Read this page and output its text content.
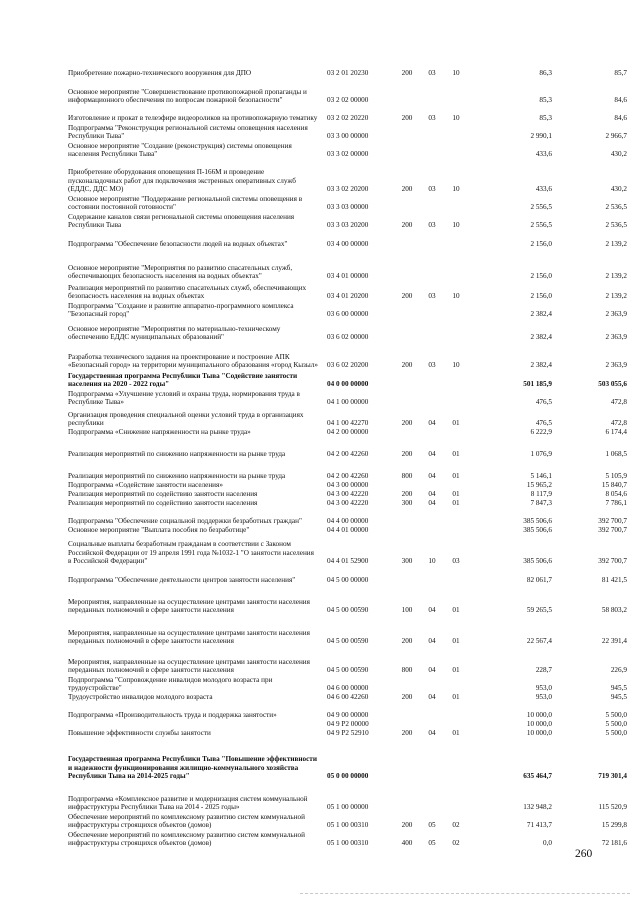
Приобретение пожарно-технического вооружения для ДПО	03 2 01 20230	200	03	10	86,3	85,7
Основное мероприятие "Совершенствование противопожарной пропаганды и информационного обеспечения по вопросам пожарной безопасности"	03 2 02 00000	85,3	84,6
Изготовление и прокат в телеэфире видеороликов на противопожарную тематику 03 2 02 20220	200	03	10	85,3	84,6
Подпрограмма "Реконструкция региональной системы оповещения населения Республики Тыва"	03 3 00 00000	2 990,1	2 966,7
Основное мероприятие "Создание (реконструкция) системы оповещения населения Республики Тыва"	03 3 02 00000	433,6	430,2
Приобретение оборудования оповещения П-166М и проведение пусконаладочных работ для подключения экстренных оперативных служб (ЕДДС, ДДС МО)	03 3 02 20200	200	03	10	433,6	430,2
Основное мероприятие "Поддержание региональной системы оповещения в состоянии постоянной готовности"	03 3 03 00000	2 556,5	2 536,5
Содержание каналов связи региональной системы оповещения населения Республики Тыва	03 3 03 20200	200	03	10	2 556,5	2 536,5
Подпрограмма "Обеспечение безопасности людей на водных объектах"	03 4 00 00000	2 156,0	2 139,2
Основное мероприятие "Мероприятия по развитию спасательных служб, обеспечивающих безопасность населения на водных объектах"	03 4 01 00000	2 156,0	2 139,2
Реализация мероприятий по развитию спасательных служб, обеспечивающих безопасность населения на водных объектах	03 4 01 20200	200	03	10	2 156,0	2 139,2
Подпрограмма "Создание и развитие аппаратно-программного комплекса "Безопасный город"	03 6 00 00000	2 382,4	2 363,9
Основное мероприятие "Мероприятия по материально-техническому обеспечению ЕДДС муниципальных образований"	03 6 02 00000	2 382,4	2 363,9
Разработка технического задания на проектирование и построение АПК «Безопасный город» на территории муниципального образования «город Кызыл» 03 6 02 20200	200	03	10	2 382,4	2 363,9
Государственная программа Республики Тыва "Содействие занятости населения на 2020 - 2022 годы"	04 0 00 00000	501 185,9	503 055,6
Подпрограмма «Улучшение условий и охраны труда, нормирования труда в Республике Тыва»	04 1 00 00000	476,5	472,8
Организация проведения специальной оценки условий труда в организациях республики	04 1 00 42270	200	04	01	476,5	472,8
Подпрограмма «Снижение напряженности на рынке труда»	04 2 00 00000	6 222,9	6 174,4
Реализация мероприятий по снижению напряженности на рынке труда	04 2 00 42260	200	04	01	1 076,9	1 068,5
Реализация мероприятий по снижению напряженности на рынке труда	04 2 00 42260	800	04	01	5 146,1	5 105,9
Подпрограмма «Содействие занятости населения»	04 3 00 00000	15 965,2	15 840,7
Реализация мероприятий по содействию занятости населения	04 3 00 42220	200	04	01	8 117,9	8 054,6
Реализация мероприятий по содействию занятости населения	04 3 00 42220	300	04	01	7 847,3	7 786,1
Подпрограмма "Обеспечение социальной поддержки безработных граждан"	04 4 00 00000	385 506,6	392 700,7
Основное мероприятие "Выплата пособия по безработице"	04 4 01 00000	385 506,6	392 700,7
Социальные выплаты безработным гражданам в соответствии с Законом Российской Федерации от 19 апреля 1991 года №1032-1 "О занятости населения в Российской Федерации"	04 4 01 52900	300	10	03	385 506,6	392 700,7
Подпрограмма "Обеспечение деятельности центров занятости населения"	04 5 00 00000	82 061,7	81 421,5
Мероприятия, направленные на осуществление центрами занятости населения переданных полномочий в сфере занятости населения	04 5 00 00590	100	04	01	59 265,5	58 803,2
Мероприятия, направленные на осуществление центрами занятости населения переданных полномочий в сфере занятости населения	04 5 00 00590	200	04	01	22 567,4	22 391,4
Мероприятия, направленные на осуществление центрами занятости населения переданных полномочий в сфере занятости населения	04 5 00 00590	800	04	01	228,7	226,9
Подпрограмма "Сопровождение инвалидов молодого возраста при трудоустройстве"	04 6 00 00000	953,0	945,5
Трудоустройство инвалидов молодого возраста	04 6 00 42260	200	04	01	953,0	945,5
Подпрограмма «Производительность труда и поддержка занятости»	04 9 00 00000	10 000,0	5 500,0
04 9 P2 00000	10 000,0	5 500,0
Повышение эффективности службы занятости	04 9 P2 52910	200	04	01	10 000,0	5 500,0
Государственная программа Республики Тыва "Повышение эффективности и надежности функционирования жилищно-коммунального хозяйства Республики Тыва на 2014-2025 годы"	05 0 00 00000	635 464,7	719 301,4
Подпрограмма «Комплексное развитие и модернизация систем коммунальной инфраструктуры Республики Тыва на 2014 - 2025 годы»	05 1 00 00000	132 948,2	115 520,9
Обеспечение мероприятий по комплексному развитию систем коммунальной инфраструктуры строящихся объектов (домов)	05 1 00 00310	200	05	02	71 413,7	15 299,8
Обеспечение мероприятий по комплексному развитию систем коммунальной инфраструктуры строящихся объектов (домов)	05 1 00 00310	400	05	02	0,0	72 181,6
260
